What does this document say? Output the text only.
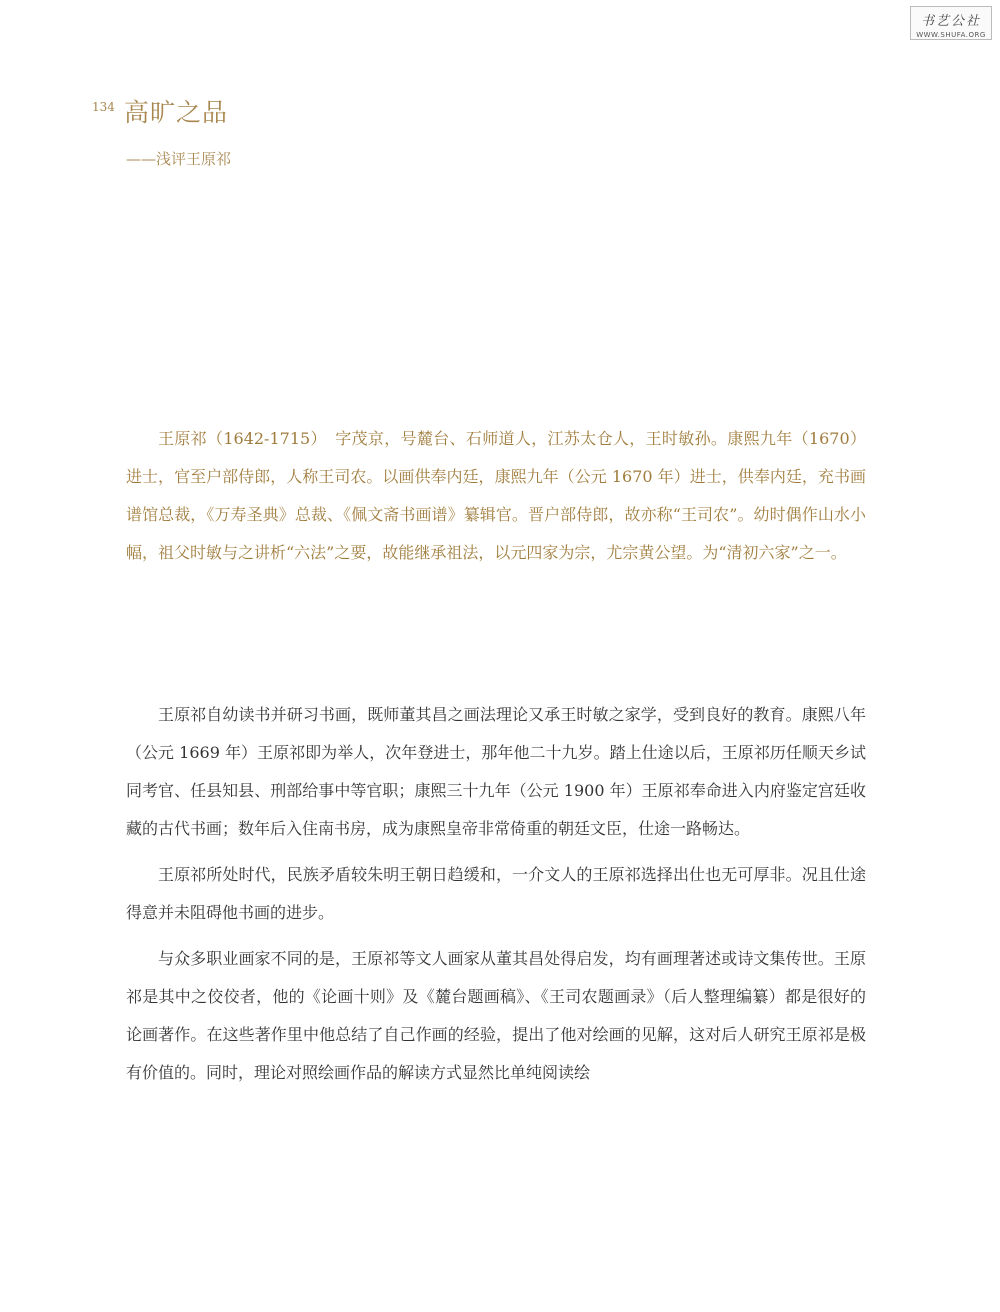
书艺公社
WWW.SHUFA.ORG
134 高旷之品

——浅评王原祁

王原祁（1642-1715）　字茂京，号麓台、石师道人，江苏太仓人，王时敏孙。康熙九年（1670）进士，官至户部侍郎，人称王司农。以画供奉内廷，康熙九年（公元 1670 年）进士，供奉内廷，充书画谱馆总裁，《万寿圣典》总裁、《佩文斋书画谱》纂辑官。晋户部侍郎，故亦称“王司农”。幼时偶作山水小幅，祖父时敏与之讲析“六法”之要，故能继承祖法，以元四家为宗，尤宗黄公望。为“清初六家”之一。

王原祁自幼读书并研习书画，既师董其昌之画法理论又承王时敏之家学，受到良好的教育。康熙八年（公元 1669 年）王原祁即为举人，次年登进士，那年他二十九岁。踏上仕途以后，王原祁历任顺天乡试同考官、任县知县、刑部给事中等官职；康熙三十九年（公元 1900 年）王原祁奉命进入内府鉴定宫廷收藏的古代书画；数年后入住南书房，成为康熙皇帝非常倚重的朝廷文臣，仕途一路畅达。

王原祁所处时代，民族矛盾较朱明王朝日趋缓和，一介文人的王原祁选择出仕也无可厚非。况且仕途得意并未阻碍他书画的进步。

与众多职业画家不同的是，王原祁等文人画家从董其昌处得启发，均有画理著述或诗文集传世。王原祁是其中之佼佼者，他的《论画十则》及《麓台题画稿》、《王司农题画录》（后人整理编纂）都是很好的论画著作。在这些著作里中他总结了自己作画的经验，提出了他对绘画的见解，这对后人研究王原祁是极有价值的。同时，理论对照绘画作品的解读方式显然比单纯阅读绘
